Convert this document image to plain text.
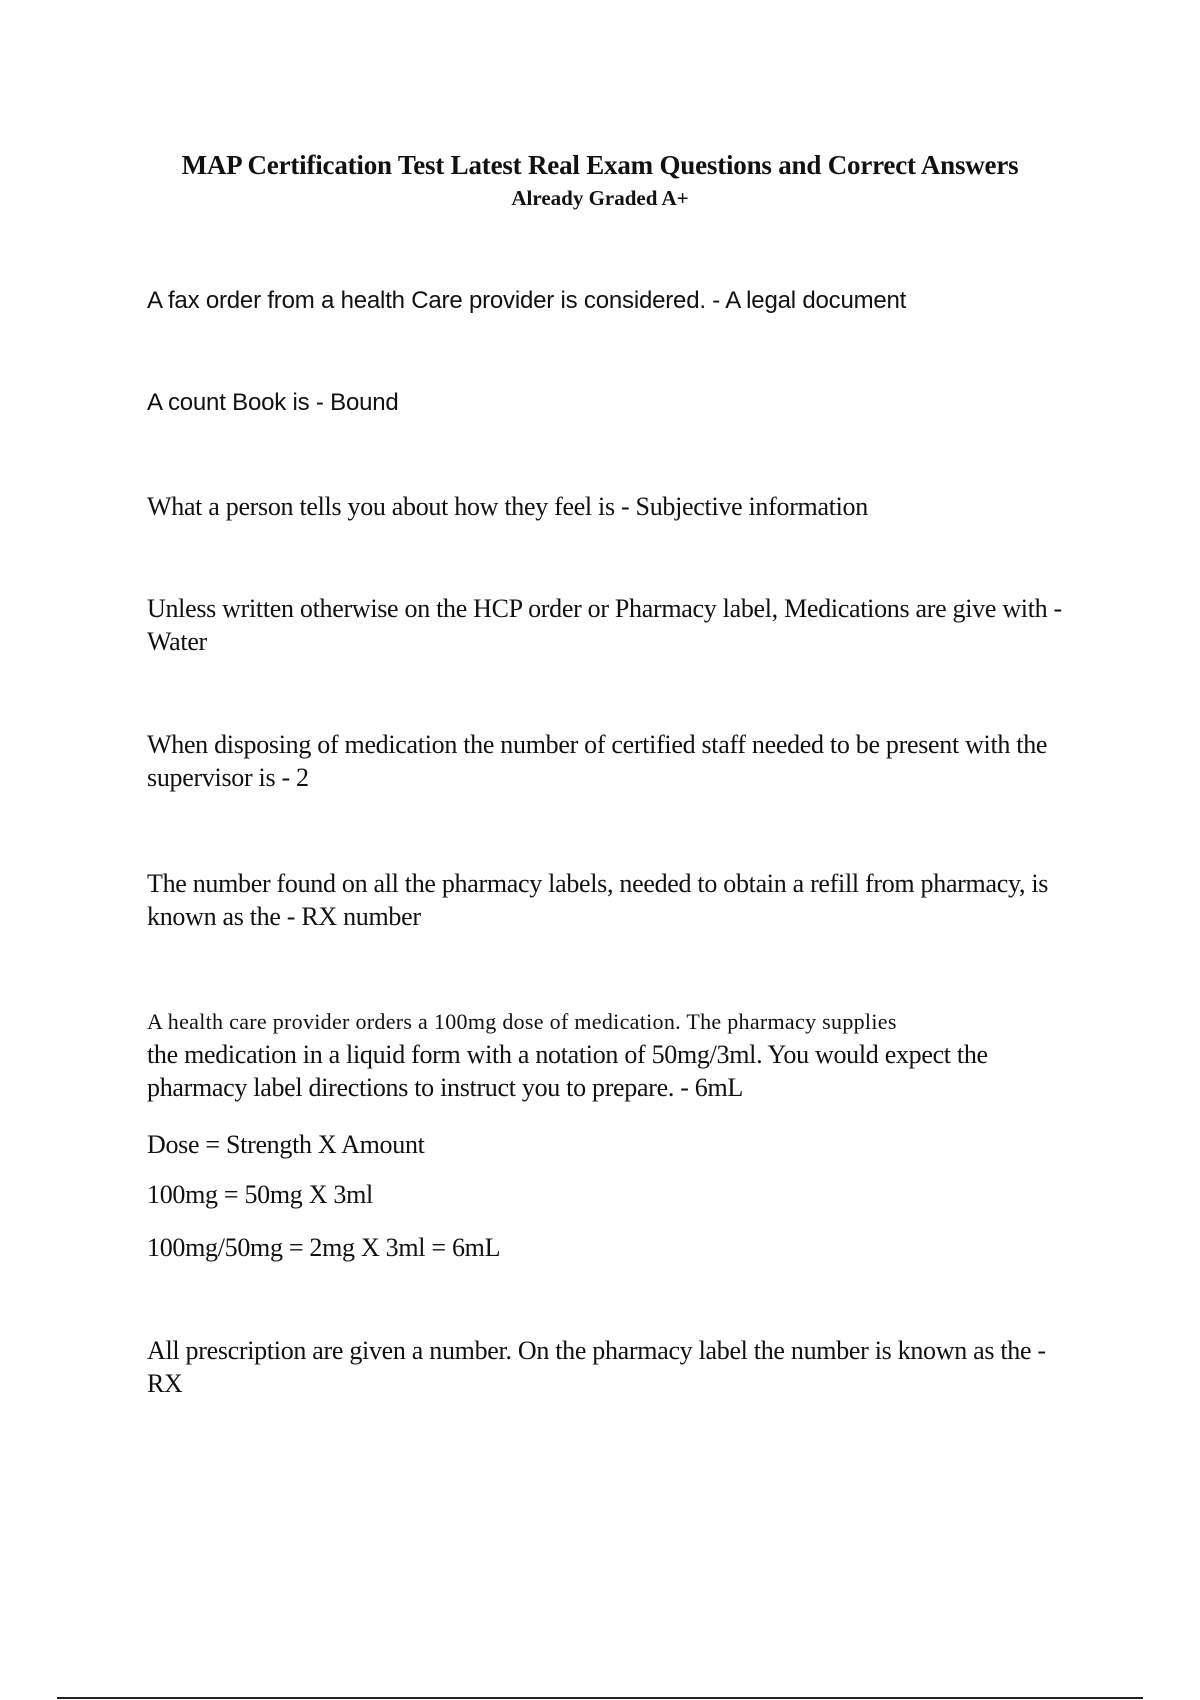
MAP Certification Test Latest Real Exam Questions and Correct Answers
Already Graded A+
A fax order from a health Care provider is considered. - A legal document
A count Book is - Bound
What a person tells you about how they feel is - Subjective information
Unless written otherwise on the HCP order or Pharmacy label, Medications are give with - Water
When disposing of medication the number of certified staff needed to be present with the supervisor is - 2
The number found on all the pharmacy labels, needed to obtain a refill from pharmacy, is known as the - RX number
A health care provider orders a 100mg dose of medication. The pharmacy supplies
the medication in a liquid form with a notation of 50mg/3ml. You would expect the
pharmacy label directions to instruct you to prepare. - 6mL
Dose = Strength X Amount
100mg = 50mg X 3ml
100mg/50mg = 2mg X 3ml = 6mL
All prescription are given a number. On the pharmacy label the number is known as the - RX
